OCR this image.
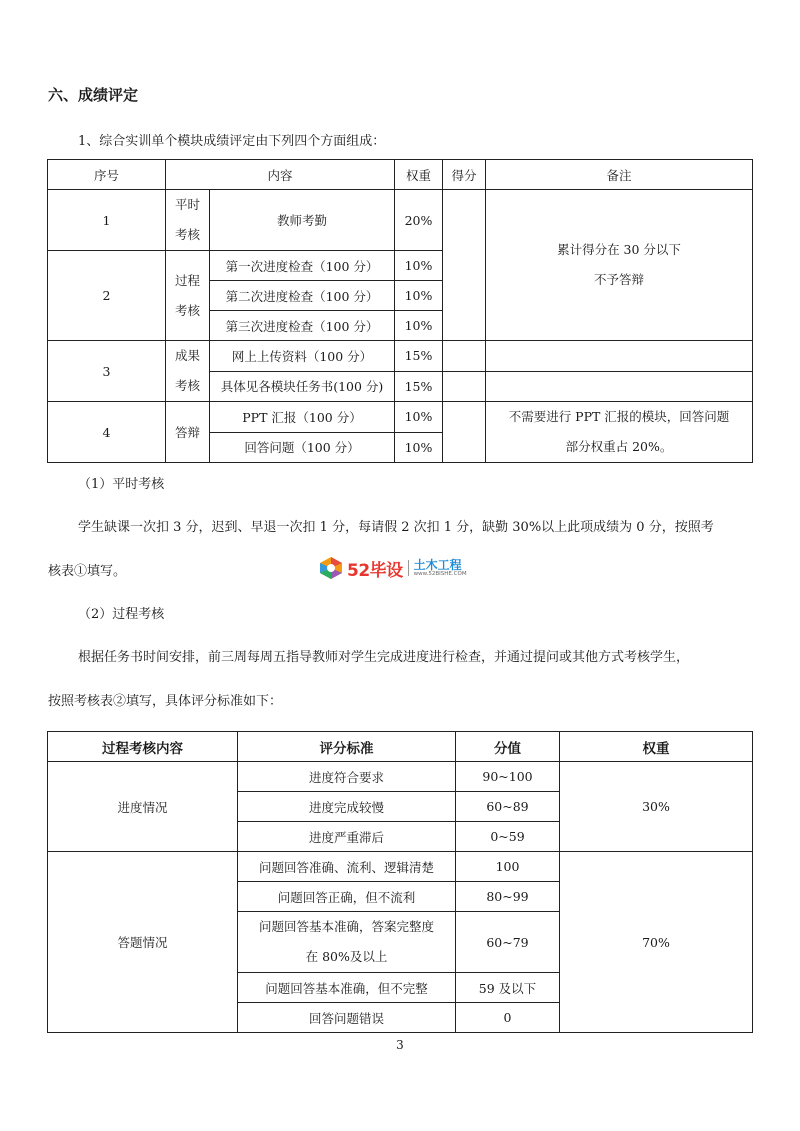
六、成绩评定
1、综合实训单个模块成绩评定由下列四个方面组成：
序号	内容		权重	得分	备注
1	平时考核	教师考勤	20%		累计得分在 30 分以下
不予答辩

2	过程考核	第一次进度检查（100 分）	10%		
		第二次进度检查（100 分）	10%		
		第三次进度检查（100 分）	10%		
3	成果考核	网上上传资料（100 分）	15%		
		具体见各模块任务书(100 分)	15%		
4	答辩	PPT 汇报（100 分）	10%		不需要进行 PPT 汇报的模块，回答问题
部分权重占 20%。

		回答问题（100 分）	10%		
（1）平时考核
学生缺课一次扣 3 分，迟到、早退一次扣 1 分，每请假 2 次扣 1 分，缺勤 30%以上此项成绩为 0 分，按照考
核表①填写。	52毕设 土木工程
www.52BISHE.COM
（2）过程考核
根据任务书时间安排，前三周每周五指导教师对学生完成进度进行检查，并通过提问或其他方式考核学生，
按照考核表②填写，具体评分标准如下：
过程考核内容	评分标准	分值	权重
进度情况	进度符合要求	90~100	30%
	进度完成较慢	60~89	
	进度严重滞后	0~59	
答题情况	问题回答准确、流利、逻辑清楚	100	70%
	问题回答正确，但不流利	80~99	

	问题回答基本准确，答案完整度
在 80%及以上	60~79	
	问题回答基本准确，但不完整	59 及以下	
	回答问题错误	0	
3
